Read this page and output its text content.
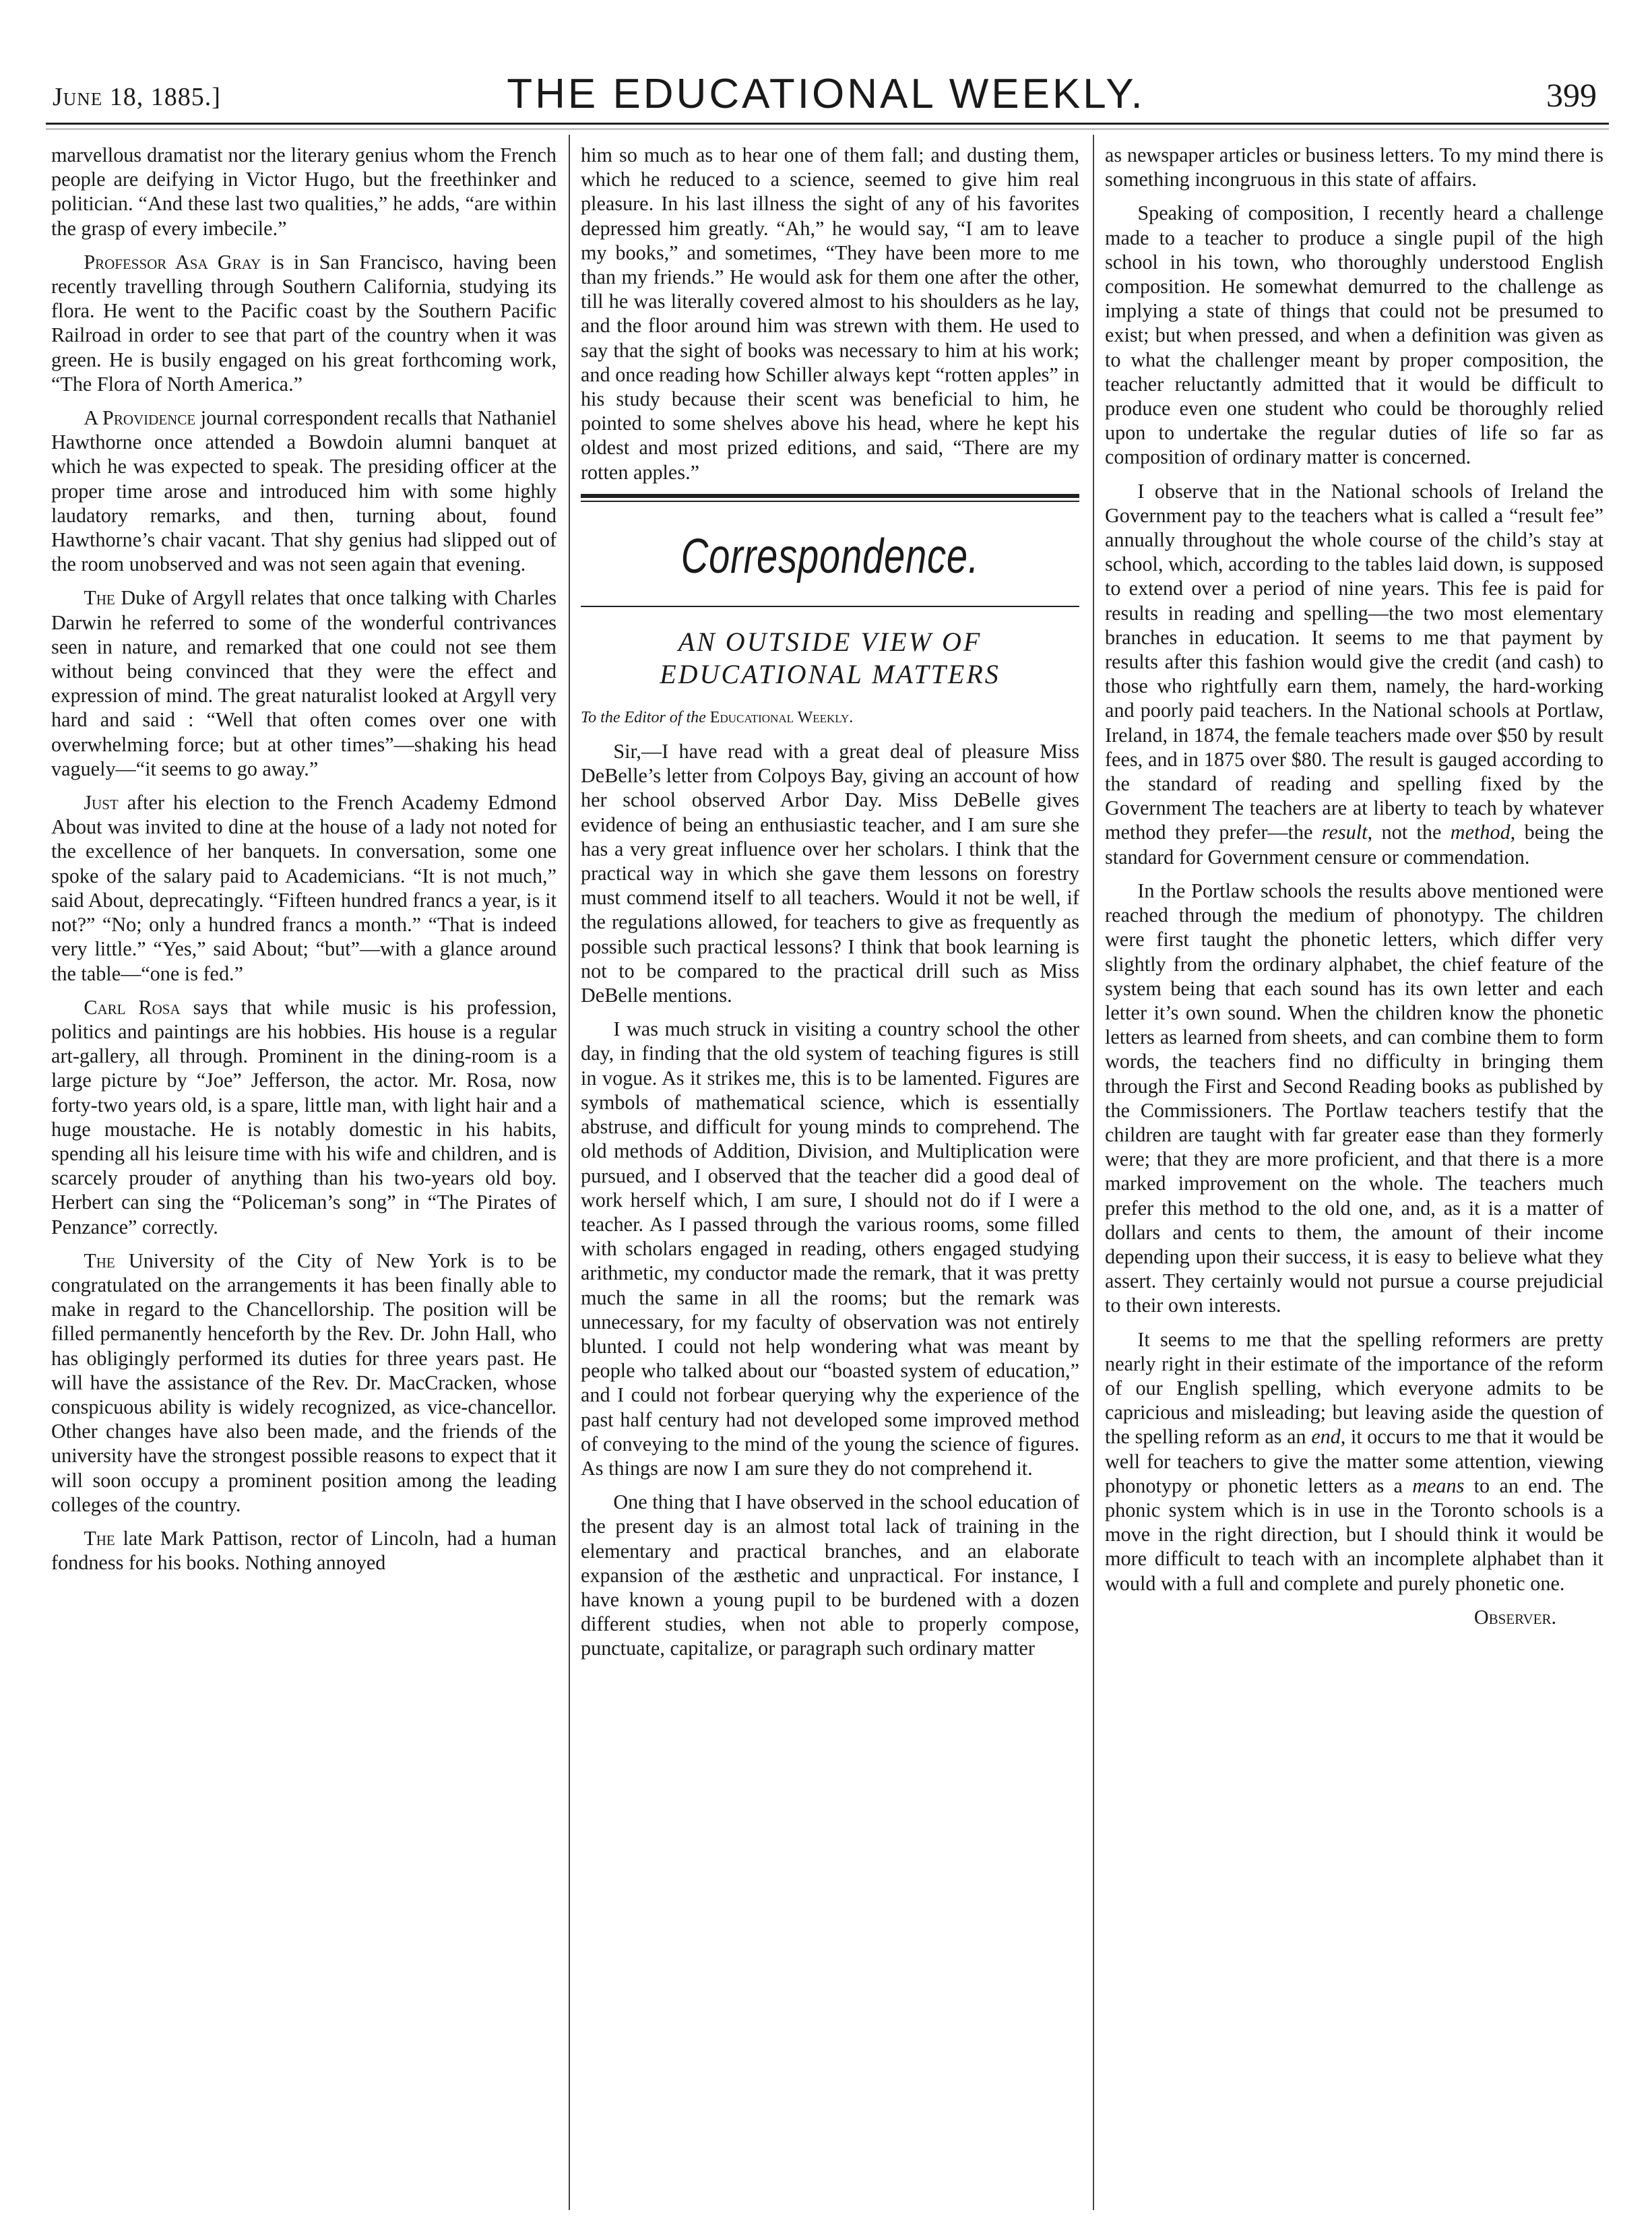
June 18, 1885.]	THE EDUCATIONAL WEEKLY.	399

marvellous dramatist nor the literary genius whom the French people are deifying in Victor Hugo, but the freethinker and politician. “And these last two qualities,” he adds, “are within the grasp of every imbecile.”

Professor Asa Gray is in San Francisco, having been recently travelling through Southern California, studying its flora. He went to the Pacific coast by the Southern Pacific Railroad in order to see that part of the country when it was green. He is busily engaged on his great forthcoming work, “The Flora of North America.”

A Providence journal correspondent recalls that Nathaniel Hawthorne once attended a Bowdoin alumni banquet at which he was expected to speak. The presiding officer at the proper time arose and introduced him with some highly laudatory remarks, and then, turning about, found Hawthorne’s chair vacant. That shy genius had slipped out of the room unobserved and was not seen again that evening.

The Duke of Argyll relates that once talking with Charles Darwin he referred to some of the wonderful contrivances seen in nature, and remarked that one could not see them without being convinced that they were the effect and expression of mind. The great naturalist looked at Argyll very hard and said : “Well that often comes over one with overwhelming force; but at other times”—shaking his head vaguely—“it seems to go away.”

Just after his election to the French Academy Edmond About was invited to dine at the house of a lady not noted for the excellence of her banquets. In conversation, some one spoke of the salary paid to Academicians. “It is not much,” said About, deprecatingly. “Fifteen hundred francs a year, is it not?” “No; only a hundred francs a month.” “That is indeed very little.” “Yes,” said About; “but”—with a glance around the table—“one is fed.”

Carl Rosa says that while music is his profession, politics and paintings are his hobbies. His house is a regular art-gallery, all through. Prominent in the dining-room is a large picture by “Joe” Jefferson, the actor. Mr. Rosa, now forty-two years old, is a spare, little man, with light hair and a huge moustache. He is notably domestic in his habits, spending all his leisure time with his wife and children, and is scarcely prouder of anything than his two-years old boy. Herbert can sing the “Policeman’s song” in “The Pirates of Penzance” correctly.

The University of the City of New York is to be congratulated on the arrangements it has been finally able to make in regard to the Chancellorship. The position will be filled permanently henceforth by the Rev. Dr. John Hall, who has obligingly performed its duties for three years past. He will have the assistance of the Rev. Dr. MacCracken, whose conspicuous ability is widely recognized, as vice-chancellor. Other changes have also been made, and the friends of the university have the strongest possible reasons to expect that it will soon occupy a prominent position among the leading colleges of the country.

The late Mark Pattison, rector of Lincoln, had a human fondness for his books. Nothing annoyed

him so much as to hear one of them fall; and dusting them, which he reduced to a science, seemed to give him real pleasure. In his last illness the sight of any of his favorites depressed him greatly. “Ah,” he would say, “I am to leave my books,” and sometimes, “They have been more to me than my friends.” He would ask for them one after the other, till he was literally covered almost to his shoulders as he lay, and the floor around him was strewn with them. He used to say that the sight of books was necessary to him at his work; and once reading how Schiller always kept “rotten apples” in his study because their scent was beneficial to him, he pointed to some shelves above his head, where he kept his oldest and most prized editions, and said, “There are my rotten apples.”

Correspondence.
AN OUTSIDE VIEW OF EDUCATIONAL MATTERS

To the Editor of the Educational Weekly.

Sir,—I have read with a great deal of pleasure Miss DeBelle’s letter from Colpoys Bay, giving an account of how her school observed Arbor Day. Miss DeBelle gives evidence of being an enthusiastic teacher, and I am sure she has a very great influence over her scholars. I think that the practical way in which she gave them lessons on forestry must commend itself to all teachers. Would it not be well, if the regulations allowed, for teachers to give as frequently as possible such practical lessons? I think that book learning is not to be compared to the practical drill such as Miss DeBelle mentions.

I was much struck in visiting a country school the other day, in finding that the old system of teaching figures is still in vogue. As it strikes me, this is to be lamented. Figures are symbols of mathematical science, which is essentially abstruse, and difficult for young minds to comprehend. The old methods of Addition, Division, and Multiplication were pursued, and I observed that the teacher did a good deal of work herself which, I am sure, I should not do if I were a teacher. As I passed through the various rooms, some filled with scholars engaged in reading, others engaged studying arithmetic, my conductor made the remark, that it was pretty much the same in all the rooms; but the remark was unnecessary, for my faculty of observation was not entirely blunted. I could not help wondering what was meant by people who talked about our “boasted system of education,” and I could not forbear querying why the experience of the past half century had not developed some improved method of conveying to the mind of the young the science of figures. As things are now I am sure they do not comprehend it.

One thing that I have observed in the school education of the present day is an almost total lack of training in the elementary and practical branches, and an elaborate expansion of the æsthetic and unpractical. For instance, I have known a young pupil to be burdened with a dozen different studies, when not able to properly compose, punctuate, capitalize, or paragraph such ordinary matter

as newspaper articles or business letters. To my mind there is something incongruous in this state of affairs.

Speaking of composition, I recently heard a challenge made to a teacher to produce a single pupil of the high school in his town, who thoroughly understood English composition. He somewhat demurred to the challenge as implying a state of things that could not be presumed to exist; but when pressed, and when a definition was given as to what the challenger meant by proper composition, the teacher reluctantly admitted that it would be difficult to produce even one student who could be thoroughly relied upon to undertake the regular duties of life so far as composition of ordinary matter is concerned.

I observe that in the National schools of Ireland the Government pay to the teachers what is called a “result fee” annually throughout the whole course of the child’s stay at school, which, according to the tables laid down, is supposed to extend over a period of nine years. This fee is paid for results in reading and spelling—the two most elementary branches in education. It seems to me that payment by results after this fashion would give the credit (and cash) to those who rightfully earn them, namely, the hard-working and poorly paid teachers. In the National schools at Portlaw, Ireland, in 1874, the female teachers made over $50 by result fees, and in 1875 over $80. The result is gauged according to the standard of reading and spelling fixed by the Government The teachers are at liberty to teach by whatever method they prefer—the result, not the method, being the standard for Government censure or commendation.

In the Portlaw schools the results above mentioned were reached through the medium of phonotypy. The children were first taught the phonetic letters, which differ very slightly from the ordinary alphabet, the chief feature of the system being that each sound has its own letter and each letter it’s own sound. When the children know the phonetic letters as learned from sheets, and can combine them to form words, the teachers find no difficulty in bringing them through the First and Second Reading books as published by the Commissioners. The Portlaw teachers testify that the children are taught with far greater ease than they formerly were; that they are more proficient, and that there is a more marked improvement on the whole. The teachers much prefer this method to the old one, and, as it is a matter of dollars and cents to them, the amount of their income depending upon their success, it is easy to believe what they assert. They certainly would not pursue a course prejudicial to their own interests.

It seems to me that the spelling reformers are pretty nearly right in their estimate of the importance of the reform of our English spelling, which everyone admits to be capricious and misleading; but leaving aside the question of the spelling reform as an end, it occurs to me that it would be well for teachers to give the matter some attention, viewing phonotypy or phonetic letters as a means to an end. The phonic system which is in use in the Toronto schools is a move in the right direction, but I should think it would be more difficult to teach with an incomplete alphabet than it would with a full and complete and purely phonetic one.

Observer.
